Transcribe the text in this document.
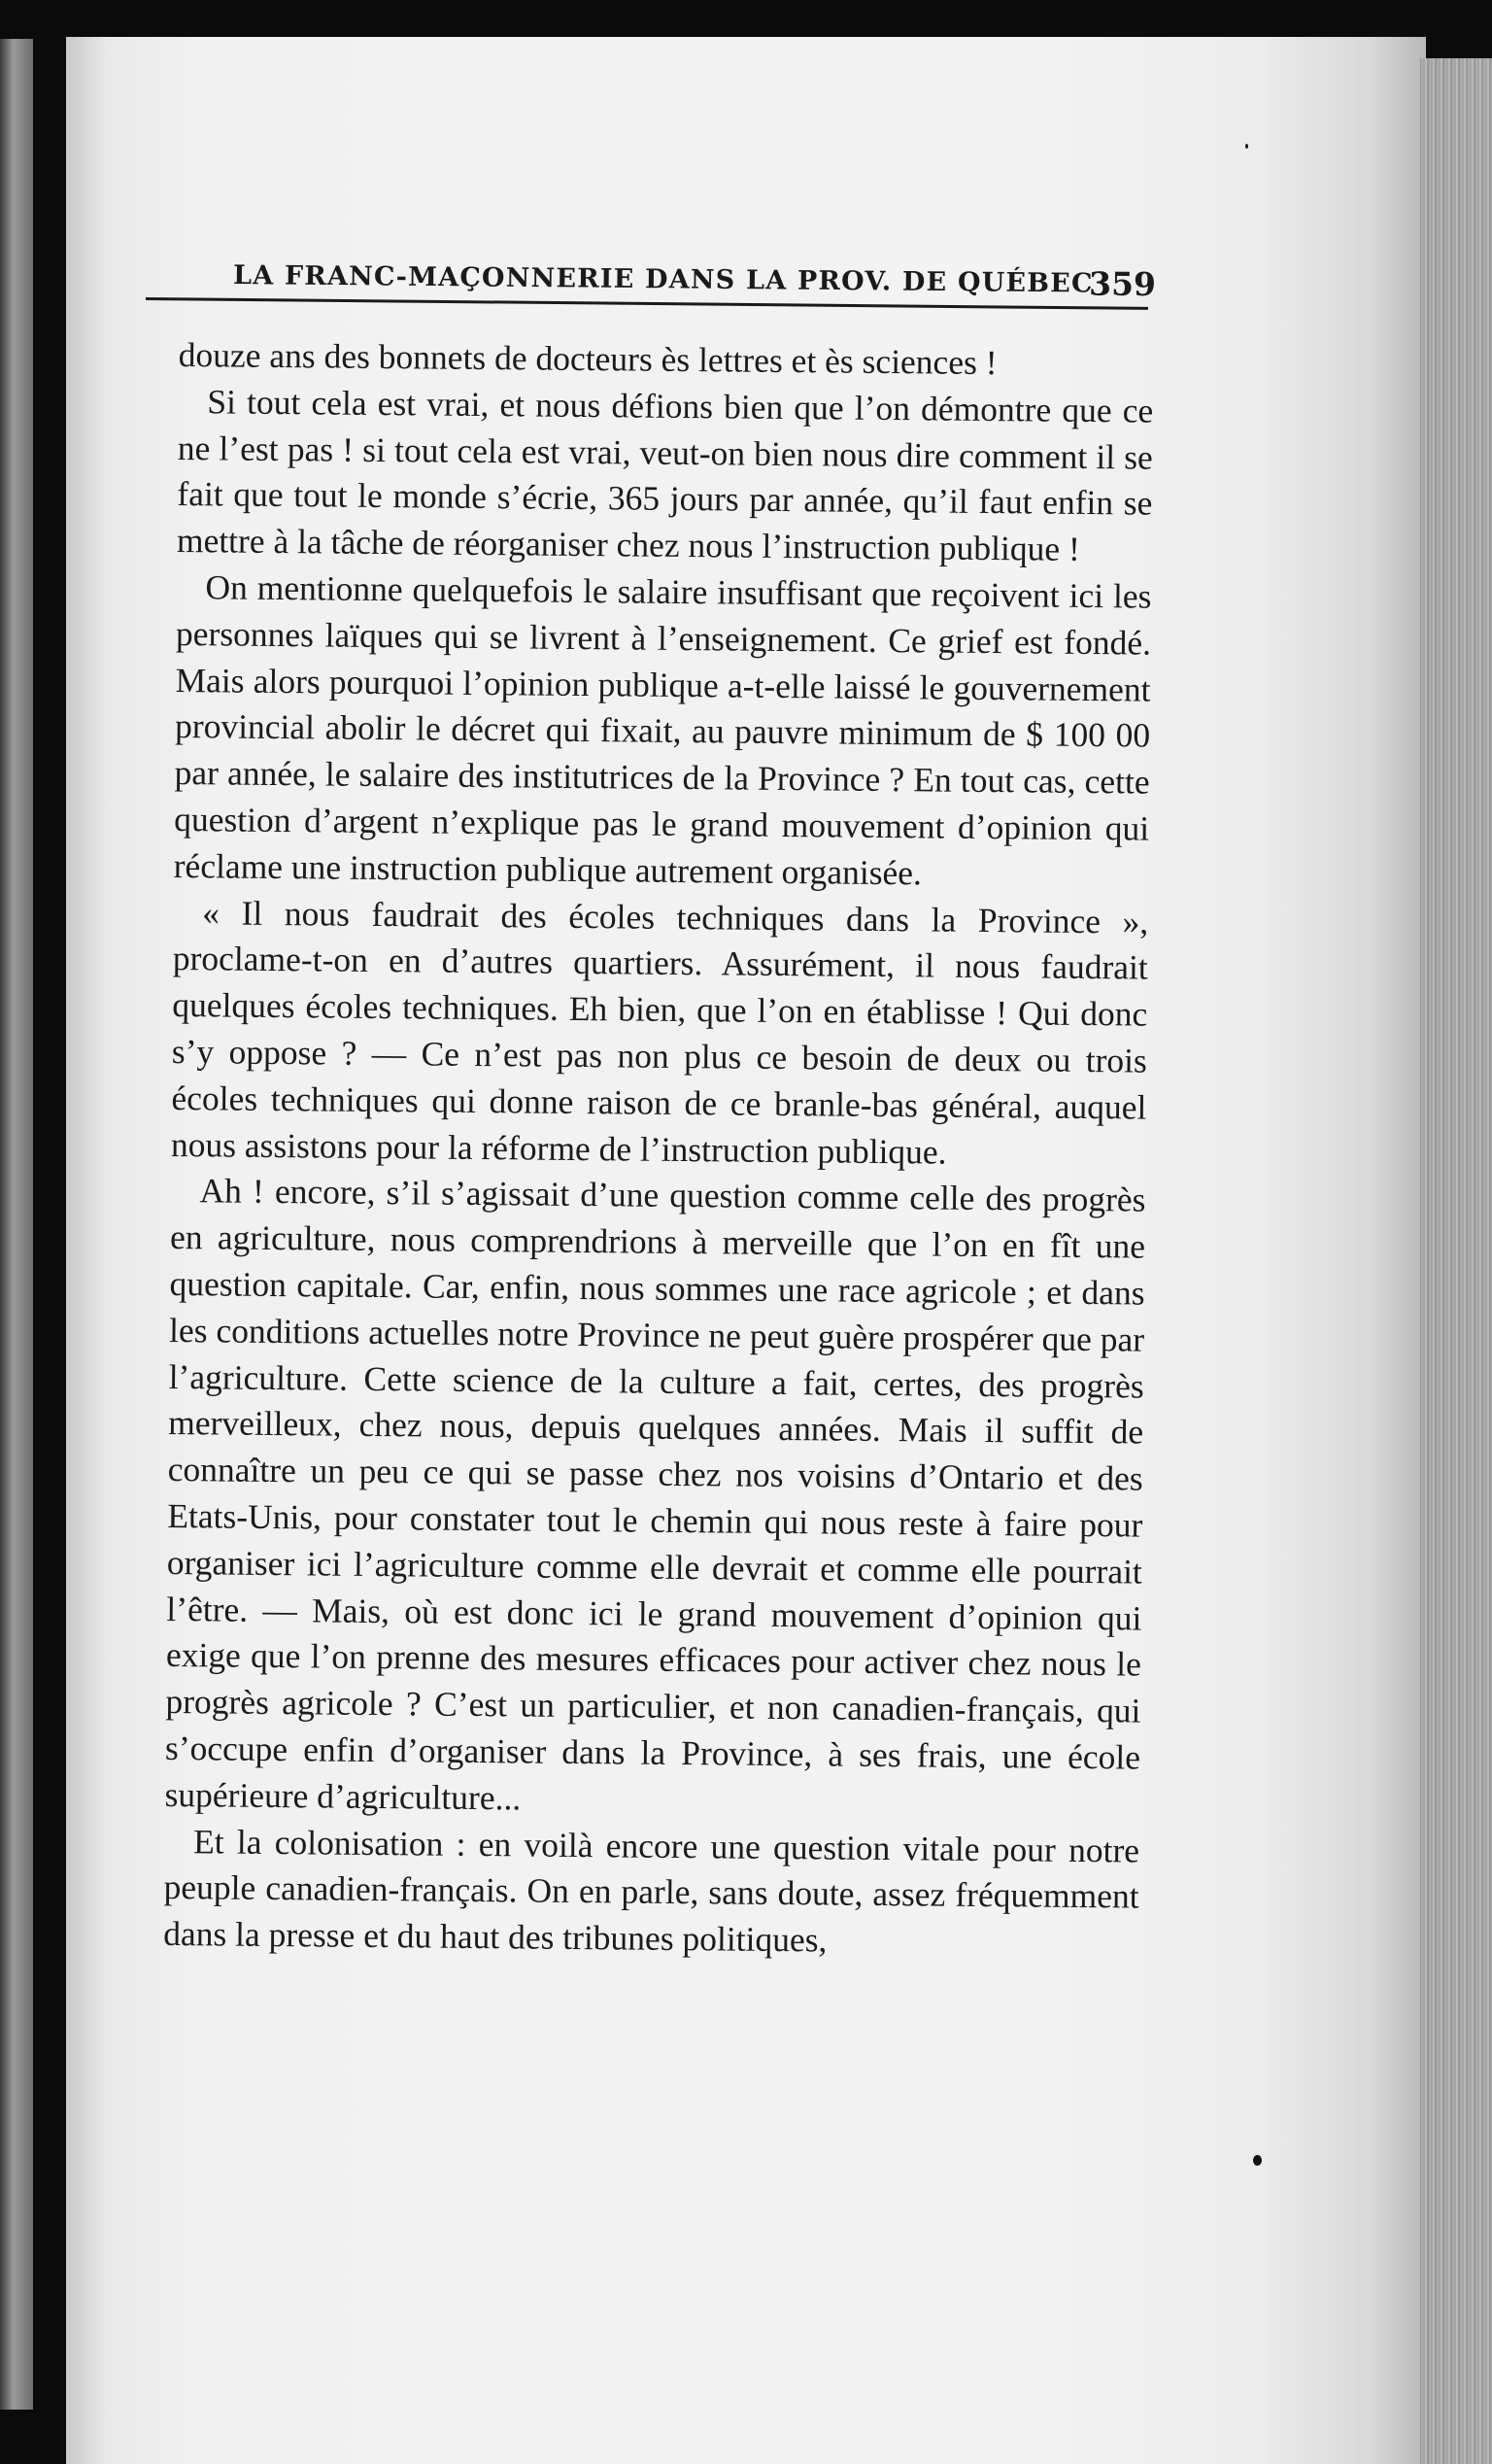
LA FRANC-MAÇONNERIE DANS LA PROV. DE QUÉBEC
359

douze ans des bonnets de docteurs ès lettres et ès sciences !

Si tout cela est vrai, et nous défions bien que l’on démontre que ce ne l’est pas ! si tout cela est vrai, veut-on bien nous dire comment il se fait que tout le monde s’écrie, 365 jours par année, qu’il faut enfin se mettre à la tâche de réorganiser chez nous l’instruction publique !

On mentionne quelquefois le salaire insuffisant que reçoivent ici les personnes laïques qui se livrent à l’enseignement. Ce grief est fondé. Mais alors pourquoi l’opinion publique a-t-elle laissé le gouvernement provincial abolir le décret qui fixait, au pauvre minimum de $ 100 00 par année, le salaire des institutrices de la Province ? En tout cas, cette question d’argent n’explique pas le grand mouvement d’opinion qui réclame une instruction publique autrement organisée.

« Il nous faudrait des écoles techniques dans la Province », proclame-t-on en d’autres quartiers. Assurément, il nous faudrait quelques écoles techniques. Eh bien, que l’on en établisse ! Qui donc s’y oppose ? — Ce n’est pas non plus ce besoin de deux ou trois écoles techniques qui donne raison de ce branle-bas général, auquel nous assistons pour la réforme de l’instruction publique.

Ah ! encore, s’il s’agissait d’une question comme celle des progrès en agriculture, nous comprendrions à merveille que l’on en fît une question capitale. Car, enfin, nous sommes une race agricole ; et dans les conditions actuelles notre Province ne peut guère prospérer que par l’agriculture. Cette science de la culture a fait, certes, des progrès merveilleux, chez nous, depuis quelques années. Mais il suffit de connaître un peu ce qui se passe chez nos voisins d’Ontario et des Etats-Unis, pour constater tout le chemin qui nous reste à faire pour organiser ici l’agriculture comme elle devrait et comme elle pourrait l’être. — Mais, où est donc ici le grand mouvement d’opinion qui exige que l’on prenne des mesures efficaces pour activer chez nous le progrès agricole ? C’est un particulier, et non canadien-français, qui s’occupe enfin d’organiser dans la Province, à ses frais, une école supérieure d’agriculture...

Et la colonisation : en voilà encore une question vitale pour notre peuple canadien-français. On en parle, sans doute, assez fréquemment dans la presse et du haut des tribunes politiques,
